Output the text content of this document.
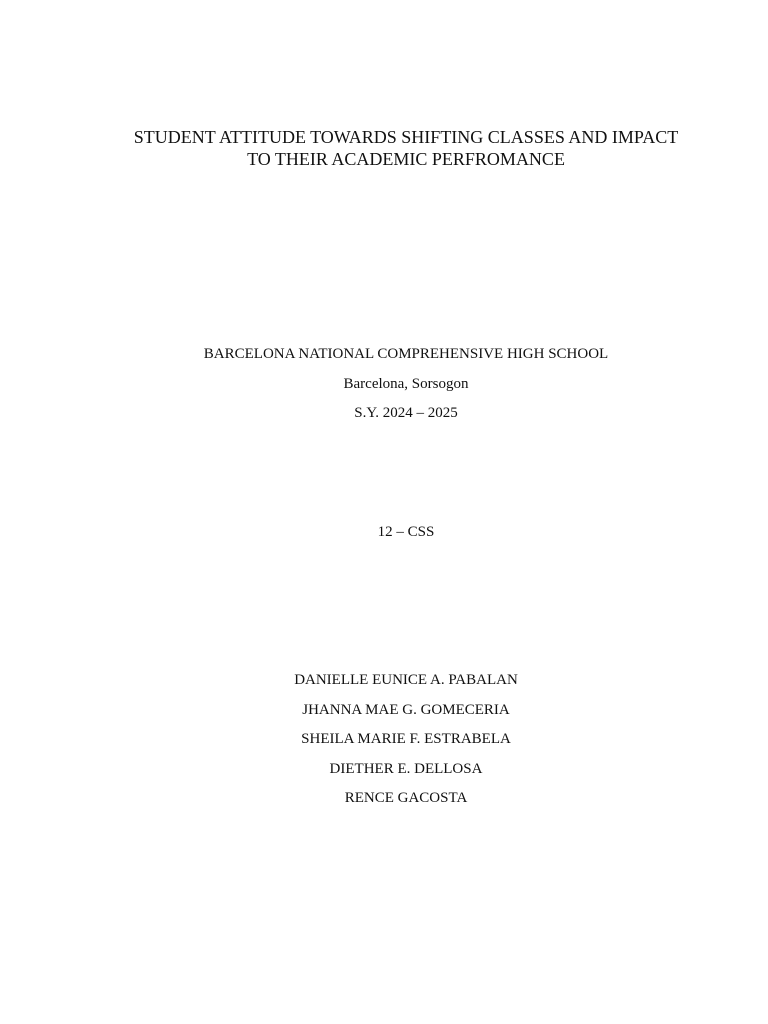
STUDENT ATTITUDE TOWARDS SHIFTING CLASSES AND IMPACT
TO THEIR ACADEMIC PERFROMANCE
BARCELONA NATIONAL COMPREHENSIVE HIGH SCHOOL
Barcelona, Sorsogon
S.Y. 2024 – 2025
12 – CSS
DANIELLE EUNICE A. PABALAN
JHANNA MAE G. GOMECERIA
SHEILA MARIE F. ESTRABELA
DIETHER E. DELLOSA
RENCE GACOSTA
